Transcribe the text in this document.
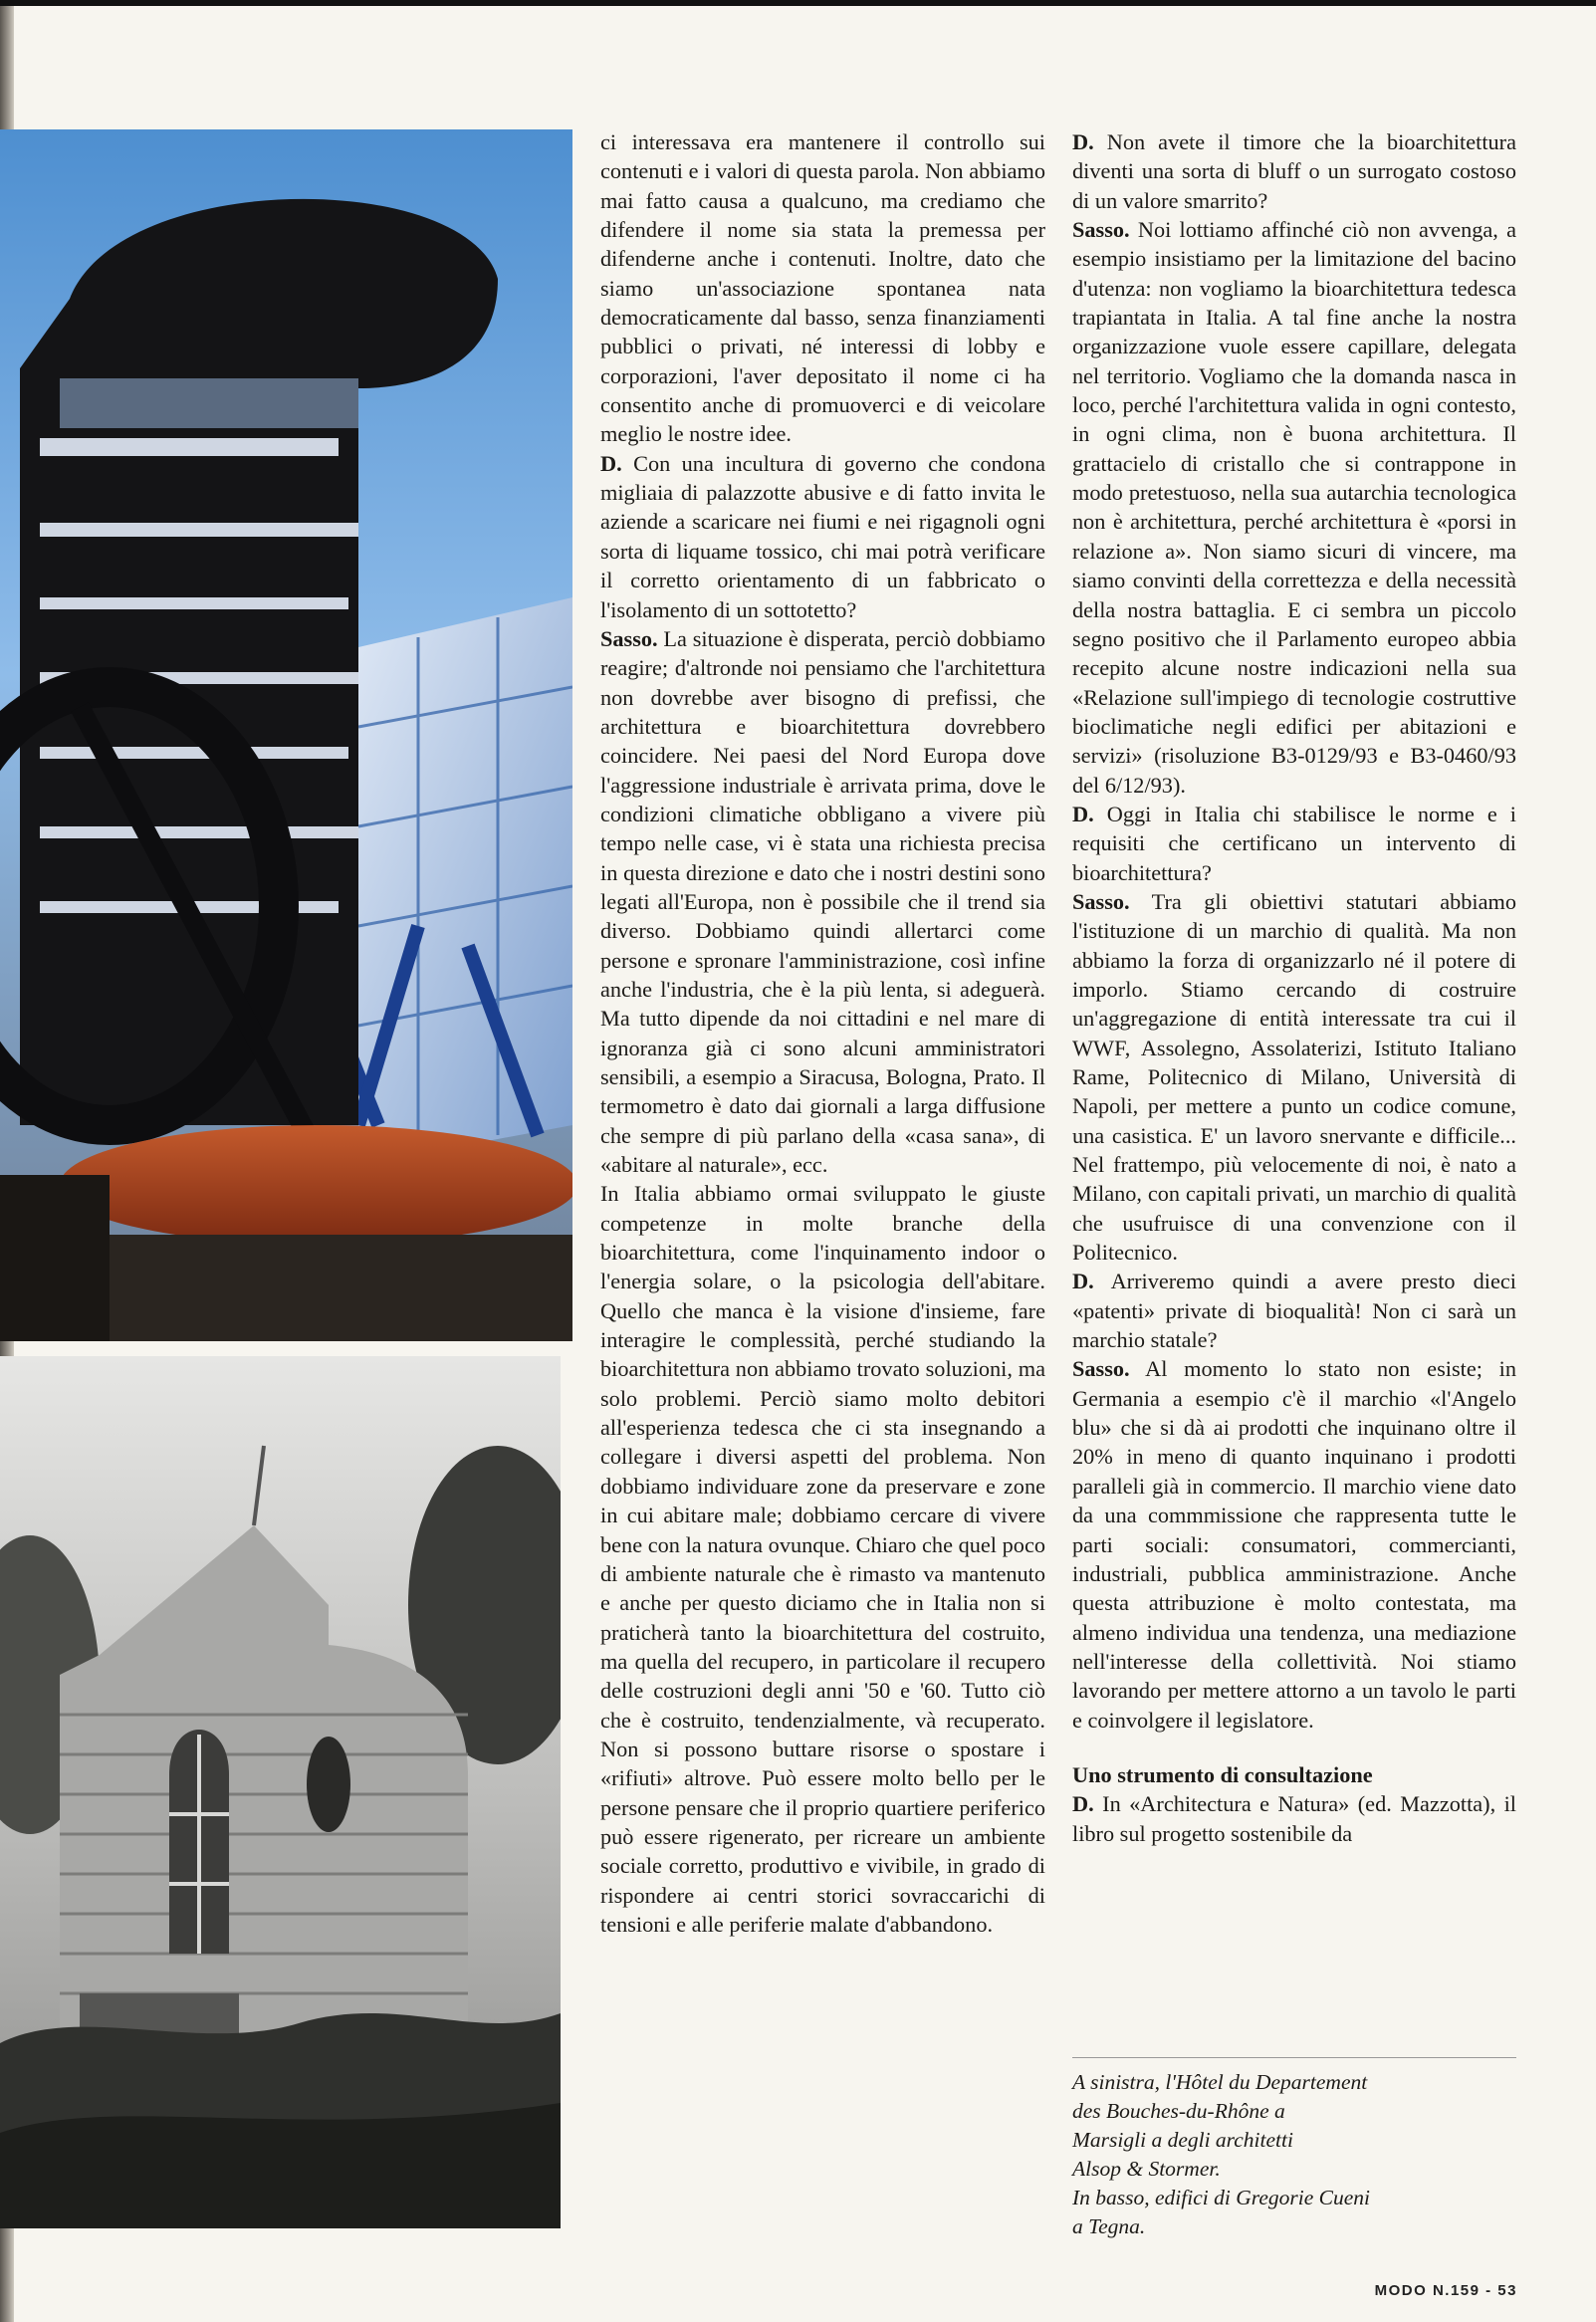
ci interessava era mantenere il controllo sui contenuti e i valori di questa parola. Non abbiamo mai fatto causa a qualcuno, ma crediamo che difendere il nome sia stata la premessa per difenderne anche i contenuti. Inoltre, dato che siamo un'associazione spontanea nata democraticamente dal basso, senza finanziamenti pubblici o privati, né interessi di lobby e corporazioni, l'aver depositato il nome ci ha consentito anche di promuoverci e di veicolare meglio le nostre idee.

D. Con una incultura di governo che condona migliaia di palazzotte abusive e di fatto invita le aziende a scaricare nei fiumi e nei rigagnoli ogni sorta di liquame tossico, chi mai potrà verificare il corretto orientamento di un fabbricato o l'isolamento di un sottotetto?

Sasso. La situazione è disperata, perciò dobbiamo reagire; d'altronde noi pensiamo che l'architettura non dovrebbe aver bisogno di prefissi, che architettura e bioarchitettura dovrebbero coincidere. Nei paesi del Nord Europa dove l'aggressione industriale è arrivata prima, dove le condizioni climatiche obbligano a vivere più tempo nelle case, vi è stata una richiesta precisa in questa direzione e dato che i nostri destini sono legati all'Europa, non è possibile che il trend sia diverso. Dobbiamo quindi allertarci come persone e spronare l'amministrazione, così infine anche l'industria, che è la più lenta, si adeguerà. Ma tutto dipende da noi cittadini e nel mare di ignoranza già ci sono alcuni amministratori sensibili, a esempio a Siracusa, Bologna, Prato. Il termometro è dato dai giornali a larga diffusione che sempre di più parlano della «casa sana», di «abitare al naturale», ecc.

In Italia abbiamo ormai sviluppato le giuste competenze in molte branche della bioarchitettura, come l'inquinamento indoor o l'energia solare, o la psicologia dell'abitare. Quello che manca è la visione d'insieme, fare interagire le complessità, perché studiando la bioarchitettura non abbiamo trovato soluzioni, ma solo problemi. Perciò siamo molto debitori all'esperienza tedesca che ci sta insegnando a collegare i diversi aspetti del problema. Non dobbiamo individuare zone da preservare e zone in cui abitare male; dobbiamo cercare di vivere bene con la natura ovunque. Chiaro che quel poco di ambiente naturale che è rimasto va mantenuto e anche per questo diciamo che in Italia non si praticherà tanto la bioarchitettura del costruito, ma quella del recupero, in particolare il recupero delle costruzioni degli anni '50 e '60. Tutto ciò che è costruito, tendenzialmente, và recuperato. Non si possono buttare risorse o spostare i «rifiuti» altrove. Può essere molto bello per le persone pensare che il proprio quartiere periferico può essere rigenerato, per ricreare un ambiente sociale corretto, produttivo e vivibile, in grado di rispondere ai centri storici sovraccarichi di tensioni e alle periferie malate d'abbandono.

D. Non avete il timore che la bioarchitettura diventi una sorta di bluff o un surrogato costoso di un valore smarrito?

Sasso. Noi lottiamo affinché ciò non avvenga, a esempio insistiamo per la limitazione del bacino d'utenza: non vogliamo la bioarchitettura tedesca trapiantata in Italia. A tal fine anche la nostra organizzazione vuole essere capillare, delegata nel territorio. Vogliamo che la domanda nasca in loco, perché l'architettura valida in ogni contesto, in ogni clima, non è buona architettura. Il grattacielo di cristallo che si contrappone in modo pretestuoso, nella sua autarchia tecnologica non è architettura, perché architettura è «porsi in relazione a». Non siamo sicuri di vincere, ma siamo convinti della correttezza e della necessità della nostra battaglia. E ci sembra un piccolo segno positivo che il Parlamento europeo abbia recepito alcune nostre indicazioni nella sua «Relazione sull'impiego di tecnologie costruttive bioclimatiche negli edifici per abitazioni e servizi» (risoluzione B3-0129/93 e B3-0460/93 del 6/12/93).

D. Oggi in Italia chi stabilisce le norme e i requisiti che certificano un intervento di bioarchitettura?

Sasso. Tra gli obiettivi statutari abbiamo l'istituzione di un marchio di qualità. Ma non abbiamo la forza di organizzarlo né il potere di imporlo. Stiamo cercando di costruire un'aggregazione di entità interessate tra cui il WWF, Assolegno, Assolaterizi, Istituto Italiano Rame, Politecnico di Milano, Università di Napoli, per mettere a punto un codice comune, una casistica. E' un lavoro snervante e difficile... Nel frattempo, più velocemente di noi, è nato a Milano, con capitali privati, un marchio di qualità che usufruisce di una convenzione con il Politecnico.

D. Arriveremo quindi a avere presto dieci «patenti» private di bioqualità! Non ci sarà un marchio statale?

Sasso. Al momento lo stato non esiste; in Germania a esempio c'è il marchio «l'Angelo blu» che si dà ai prodotti che inquinano oltre il 20% in meno di quanto inquinano i prodotti paralleli già in commercio. Il marchio viene dato da una commmissione che rappresenta tutte le parti sociali: consumatori, commercianti, industriali, pubblica amministrazione. Anche questa attribuzione è molto contestata, ma almeno individua una tendenza, una mediazione nell'interesse della collettività. Noi stiamo lavorando per mettere attorno a un tavolo le parti e coinvolgere il legislatore.

Uno strumento di consultazione

D. In «Architectura e Natura» (ed. Mazzotta), il libro sul progetto sostenibile da

A sinistra, l'Hôtel du Departement
des Bouches-du-Rhône a
Marsigli a degli architetti
Alsop & Stormer.
In basso, edifici di Gregorie Cueni
a Tegna.
MODO N.159 - 53
